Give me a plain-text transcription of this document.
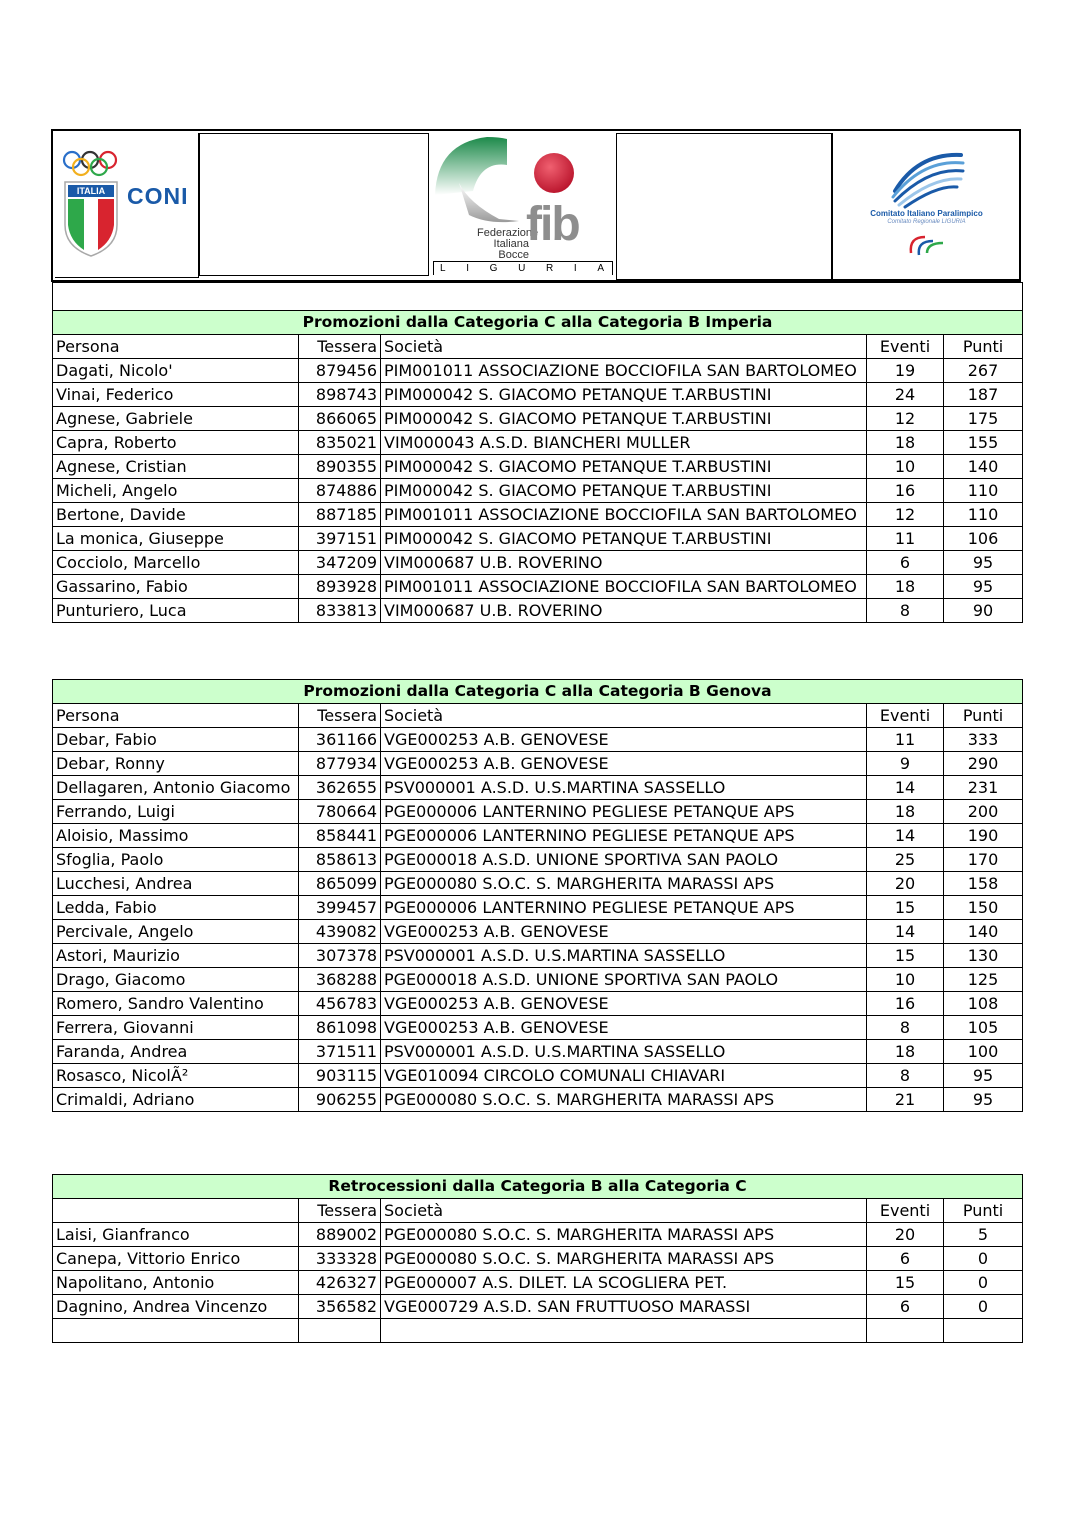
ITALIA CONI
Federazione
Italiana Bocce
fib
L I G U R I A
Comitato Italiano Paralimpico
Comitato Regionale LIGURIA

Promozioni dalla Categoria C alla Categoria B Imperia				
Persona	Tessera	Società	Eventi	Punti
Dagati, Nicolo'	879456	PIM001011 ASSOCIAZIONE BOCCIOFILA SAN BARTOLOMEO	19	267
Vinai, Federico	898743	PIM000042 S. GIACOMO PETANQUE T.ARBUSTINI	24	187
Agnese, Gabriele	866065	PIM000042 S. GIACOMO PETANQUE T.ARBUSTINI	12	175
Capra, Roberto	835021	VIM000043 A.S.D. BIANCHERI MULLER	18	155
Agnese, Cristian	890355	PIM000042 S. GIACOMO PETANQUE T.ARBUSTINI	10	140
Micheli, Angelo	874886	PIM000042 S. GIACOMO PETANQUE T.ARBUSTINI	16	110
Bertone, Davide	887185	PIM001011 ASSOCIAZIONE BOCCIOFILA SAN BARTOLOMEO	12	110
La monica, Giuseppe	397151	PIM000042 S. GIACOMO PETANQUE T.ARBUSTINI	11	106
Cocciolo, Marcello	347209	VIM000687 U.B. ROVERINO	6	95
Gassarino, Fabio	893928	PIM001011 ASSOCIAZIONE BOCCIOFILA SAN BARTOLOMEO	18	95
Punturiero, Luca	833813	VIM000687 U.B. ROVERINO	8	90
Promozioni dalla Categoria C alla Categoria B Genova				
Persona	Tessera	Società	Eventi	Punti
Debar, Fabio	361166	VGE000253 A.B. GENOVESE	11	333
Debar, Ronny	877934	VGE000253 A.B. GENOVESE	9	290
Dellagaren, Antonio Giacomo	362655	PSV000001 A.S.D. U.S.MARTINA SASSELLO	14	231
Ferrando, Luigi	780664	PGE000006 LANTERNINO PEGLIESE PETANQUE APS	18	200
Aloisio, Massimo	858441	PGE000006 LANTERNINO PEGLIESE PETANQUE APS	14	190
Sfoglia, Paolo	858613	PGE000018 A.S.D. UNIONE SPORTIVA SAN PAOLO	25	170
Lucchesi, Andrea	865099	PGE000080 S.O.C. S. MARGHERITA MARASSI APS	20	158
Ledda, Fabio	399457	PGE000006 LANTERNINO PEGLIESE PETANQUE APS	15	150
Percivale, Angelo	439082	VGE000253 A.B. GENOVESE	14	140
Astori, Maurizio	307378	PSV000001 A.S.D. U.S.MARTINA SASSELLO	15	130
Drago, Giacomo	368288	PGE000018 A.S.D. UNIONE SPORTIVA SAN PAOLO	10	125
Romero, Sandro Valentino	456783	VGE000253 A.B. GENOVESE	16	108
Ferrera, Giovanni	861098	VGE000253 A.B. GENOVESE	8	105
Faranda, Andrea	371511	PSV000001 A.S.D. U.S.MARTINA SASSELLO	18	100
Rosasco, NicolÃ²	903115	VGE010094 CIRCOLO COMUNALI CHIAVARI	8	95
Crimaldi, Adriano	906255	PGE000080 S.O.C. S. MARGHERITA MARASSI APS	21	95
Retrocessioni dalla Categoria B alla Categoria C				
	Tessera	Società	Eventi	Punti
Laisi, Gianfranco	889002	PGE000080 S.O.C. S. MARGHERITA MARASSI APS	20	5
Canepa, Vittorio Enrico	333328	PGE000080 S.O.C. S. MARGHERITA MARASSI APS	6	0
Napolitano, Antonio	426327	PGE000007 A.S. DILET. LA SCOGLIERA PET.	15	0
Dagnino, Andrea Vincenzo	356582	VGE000729 A.S.D. SAN FRUTTUOSO MARASSI	6	0
